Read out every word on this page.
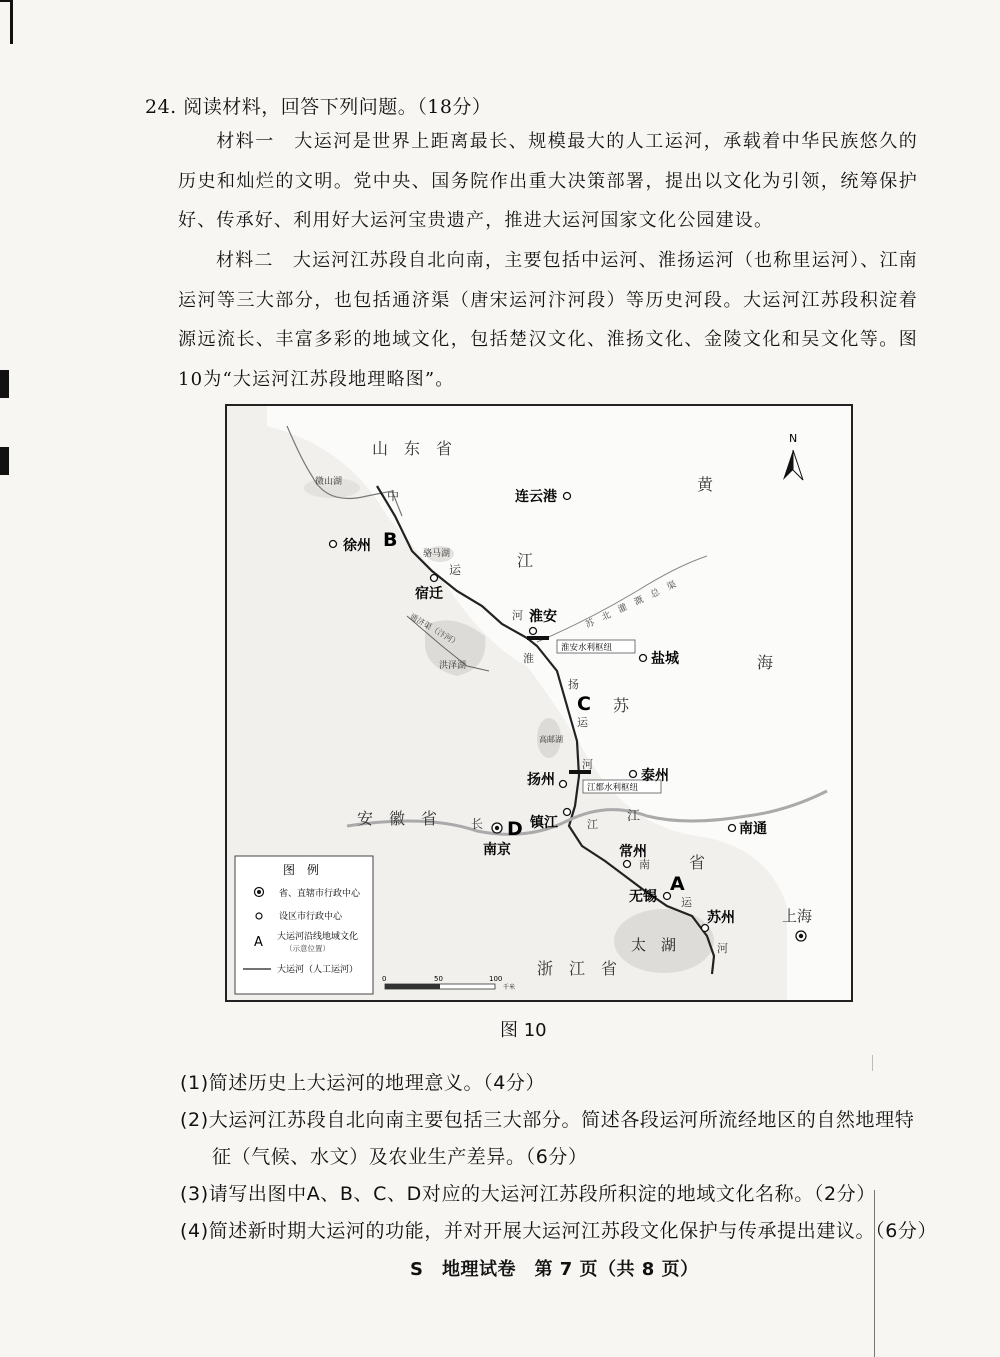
24. 阅读材料，回答下列问题。（18分）
材料一　大运河是世界上距离最长、规模最大的人工运河，承载着中华民族悠久的历史和灿烂的文明。党中央、国务院作出重大决策部署，提出以文化为引领，统筹保护好、传承好、利用好大运河宝贵遗产，推进大运河国家文化公园建设。
材料二　大运河江苏段自北向南，主要包括中运河、淮扬运河（也称里运河）、江南运河等三大部分，也包括通济渠（唐宋运河汴河段）等历史河段。大运河江苏段积淀着源远流长、丰富多彩的地域文化，包括楚汉文化、淮扬文化、金陵文化和吴文化等。图10为“大运河江苏段地理略图”。
淮安水利枢纽
江都水利枢纽
山　东　省
安　徽　省
浙　江　省
上海
黄
海
江
苏
省
中
运
河
淮
扬
运
河
江
南
运
河
长	江
微山湖
骆马湖
洪泽湖
高邮湖
太　湖
通济渠（汴河）	苏　北　灌　溉　总　渠
连云港
徐州
宿迁
淮安
盐城
扬州	泰州
镇江
南京
南通
常州
无锡
苏州
B
C
D
A
N
图　例
省、直辖市行政中心
设区市行政中心
A 大运河沿线地域文化
（示意位置）
大运河（人工运河）
0	50	100
千米
图 10
(1)简述历史上大运河的地理意义。（4分）
(2)大运河江苏段自北向南主要包括三大部分。简述各段运河所流经地区的自然地理特
征（气候、水文）及农业生产差异。（6分）
(3)请写出图中A、B、C、D对应的大运河江苏段所积淀的地域文化名称。（2分）
(4)简述新时期大运河的功能，并对开展大运河江苏段文化保护与传承提出建议。（6分）
S　地理试卷　第 7 页（共 8 页）
